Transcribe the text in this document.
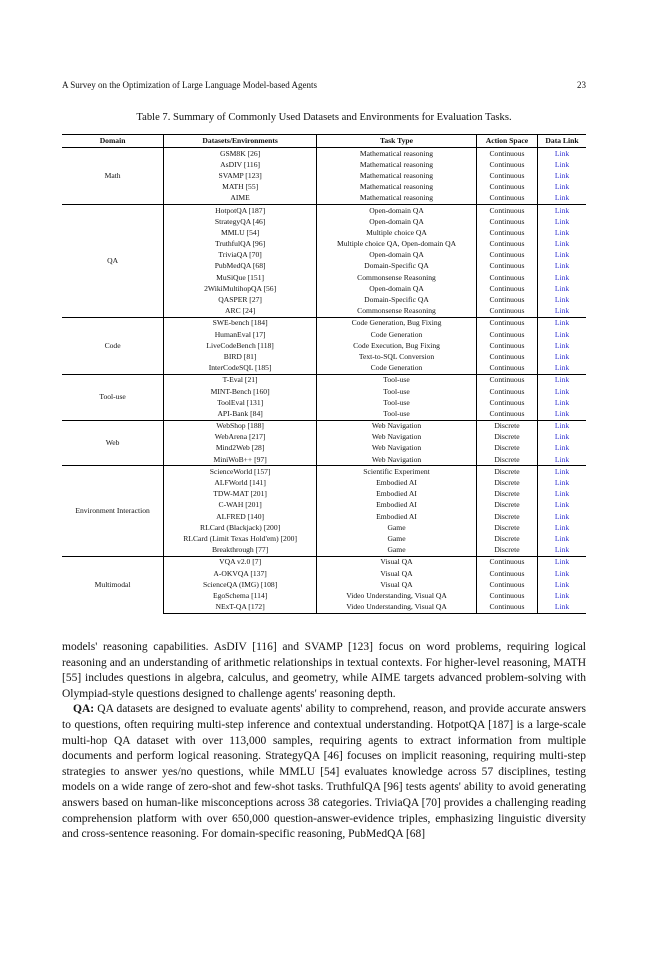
A Survey on the Optimization of Large Language Model-based Agents	23
Table 7. Summary of Commonly Used Datasets and Environments for Evaluation Tasks.
Domain	Datasets/Environments	Task Type	Action Space	Data Link
Math	GSM8K [26]	Mathematical reasoning	Continuous	Link
	AsDIV [116]	Mathematical reasoning	Continuous	Link
	SVAMP [123]	Mathematical reasoning	Continuous	Link
	MATH [55]	Mathematical reasoning	Continuous	Link
	AIME	Mathematical reasoning	Continuous	Link
QA	HotpotQA [187]	Open-domain QA	Continuous	Link
	StrategyQA [46]	Open-domain QA	Continuous	Link
	MMLU [54]	Multiple choice QA	Continuous	Link
	TruthfulQA [96]	Multiple choice QA, Open-domain QA	Continuous	Link
	TriviaQA [70]	Open-domain QA	Continuous	Link
	PubMedQA [68]	Domain-Specific QA	Continuous	Link
	MuSiQue [151]	Commonsense Reasoning	Continuous	Link
	2WikiMultihopQA [56]	Open-domain QA	Continuous	Link
	QASPER [27]	Domain-Specific QA	Continuous	Link
	ARC [24]	Commonsense Reasoning	Continuous	Link
Code	SWE-bench [184]	Code Generation, Bug Fixing	Continuous	Link
	HumanEval [17]	Code Generation	Continuous	Link
	LiveCodeBench [118]	Code Execution, Bug Fixing	Continuous	Link
	BIRD [81]	Text-to-SQL Conversion	Continuous	Link
	InterCodeSQL [185]	Code Generation	Continuous	Link
Tool-use	T-Eval [21]	Tool-use	Continuous	Link
	MINT-Bench [160]	Tool-use	Continuous	Link
	ToolEval [131]	Tool-use	Continuous	Link
	API-Bank [84]	Tool-use	Continuous	Link
Web	WebShop [188]	Web Navigation	Discrete	Link
	WebArena [217]	Web Navigation	Discrete	Link
	Mind2Web [28]	Web Navigation	Discrete	Link
	MiniWoB++ [97]	Web Navigation	Discrete	Link
Environment Interaction	ScienceWorld [157]	Scientific Experiment	Discrete	Link
	ALFWorld [141]	Embodied AI	Discrete	Link
	TDW-MAT [201]	Embodied AI	Discrete	Link
	C-WAH [201]	Embodied AI	Discrete	Link
	ALFRED [140]	Embodied AI	Discrete	Link
	RLCard (Blackjack) [200]	Game	Discrete	Link
	RLCard (Limit Texas Hold'em) [200]	Game	Discrete	Link
	Breakthrough [77]	Game	Discrete	Link
Multimodal	VQA v2.0 [7]	Visual QA	Continuous	Link
	A-OKVQA [137]	Visual QA	Continuous	Link
	ScienceQA (IMG) [108]	Visual QA	Continuous	Link
	EgoSchema [114]	Video Understanding, Visual QA	Continuous	Link
	NExT-QA [172]	Video Understanding, Visual QA	Continuous	Link

models' reasoning capabilities. AsDIV [116] and SVAMP [123] focus on word problems, requiring logical reasoning and an understanding of arithmetic relationships in textual contexts. For higher-level reasoning, MATH [55] includes questions in algebra, calculus, and geometry, while AIME targets advanced problem-solving with Olympiad-style questions designed to challenge agents' reasoning depth.

QA: QA datasets are designed to evaluate agents' ability to comprehend, reason, and provide accurate answers to questions, often requiring multi-step inference and contextual understanding. HotpotQA [187] is a large-scale multi-hop QA dataset with over 113,000 samples, requiring agents to extract information from multiple documents and perform logical reasoning. StrategyQA [46] focuses on implicit reasoning, requiring multi-step strategies to answer yes/no questions, while MMLU [54] evaluates knowledge across 57 disciplines, testing models on a wide range of zero-shot and few-shot tasks. TruthfulQA [96] tests agents' ability to avoid generating answers based on human-like misconceptions across 38 categories. TriviaQA [70] provides a challenging reading comprehension platform with over 650,000 question-answer-evidence triples, emphasizing linguistic diversity and cross-sentence reasoning. For domain-specific reasoning, PubMedQA [68]
